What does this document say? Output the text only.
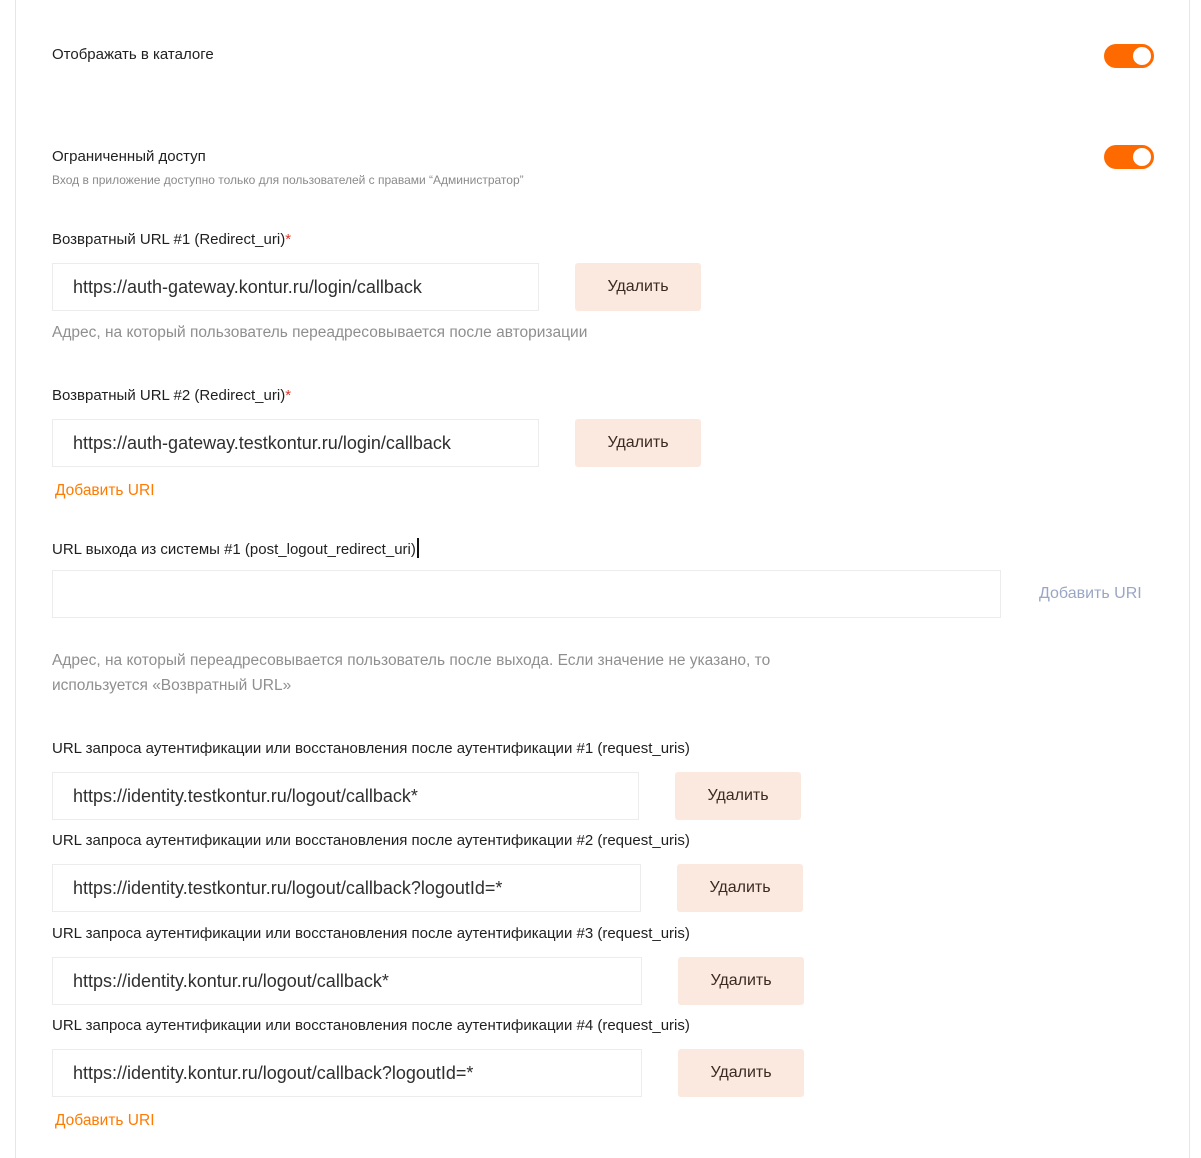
Отображать в каталоге
Ограниченный доступ
Вход в приложение доступно только для пользователей с правами “Администратор”
Возвратный URL #1 (Redirect_uri)*
https://auth-gateway.kontur.ru/login/callback	Удалить
Адрес, на который пользователь переадресовывается после авторизации
Возвратный URL #2 (Redirect_uri)*
https://auth-gateway.testkontur.ru/login/callback	Удалить
Добавить URI
URL выхода из системы #1 (post_logout_redirect_uri)
Добавить URI
Адрес, на который переадресовывается пользователь после выхода. Если значение не указано, то
используется «Возвратный URL»
URL запроса аутентификации или восстановления после аутентификации #1 (request_uris)
https://identity.testkontur.ru/logout/callback*	Удалить
URL запроса аутентификации или восстановления после аутентификации #2 (request_uris)
https://identity.testkontur.ru/logout/callback?logoutId=*	Удалить
URL запроса аутентификации или восстановления после аутентификации #3 (request_uris)
https://identity.kontur.ru/logout/callback*	Удалить
URL запроса аутентификации или восстановления после аутентификации #4 (request_uris)
https://identity.kontur.ru/logout/callback?logoutId=*	Удалить
Добавить URI
